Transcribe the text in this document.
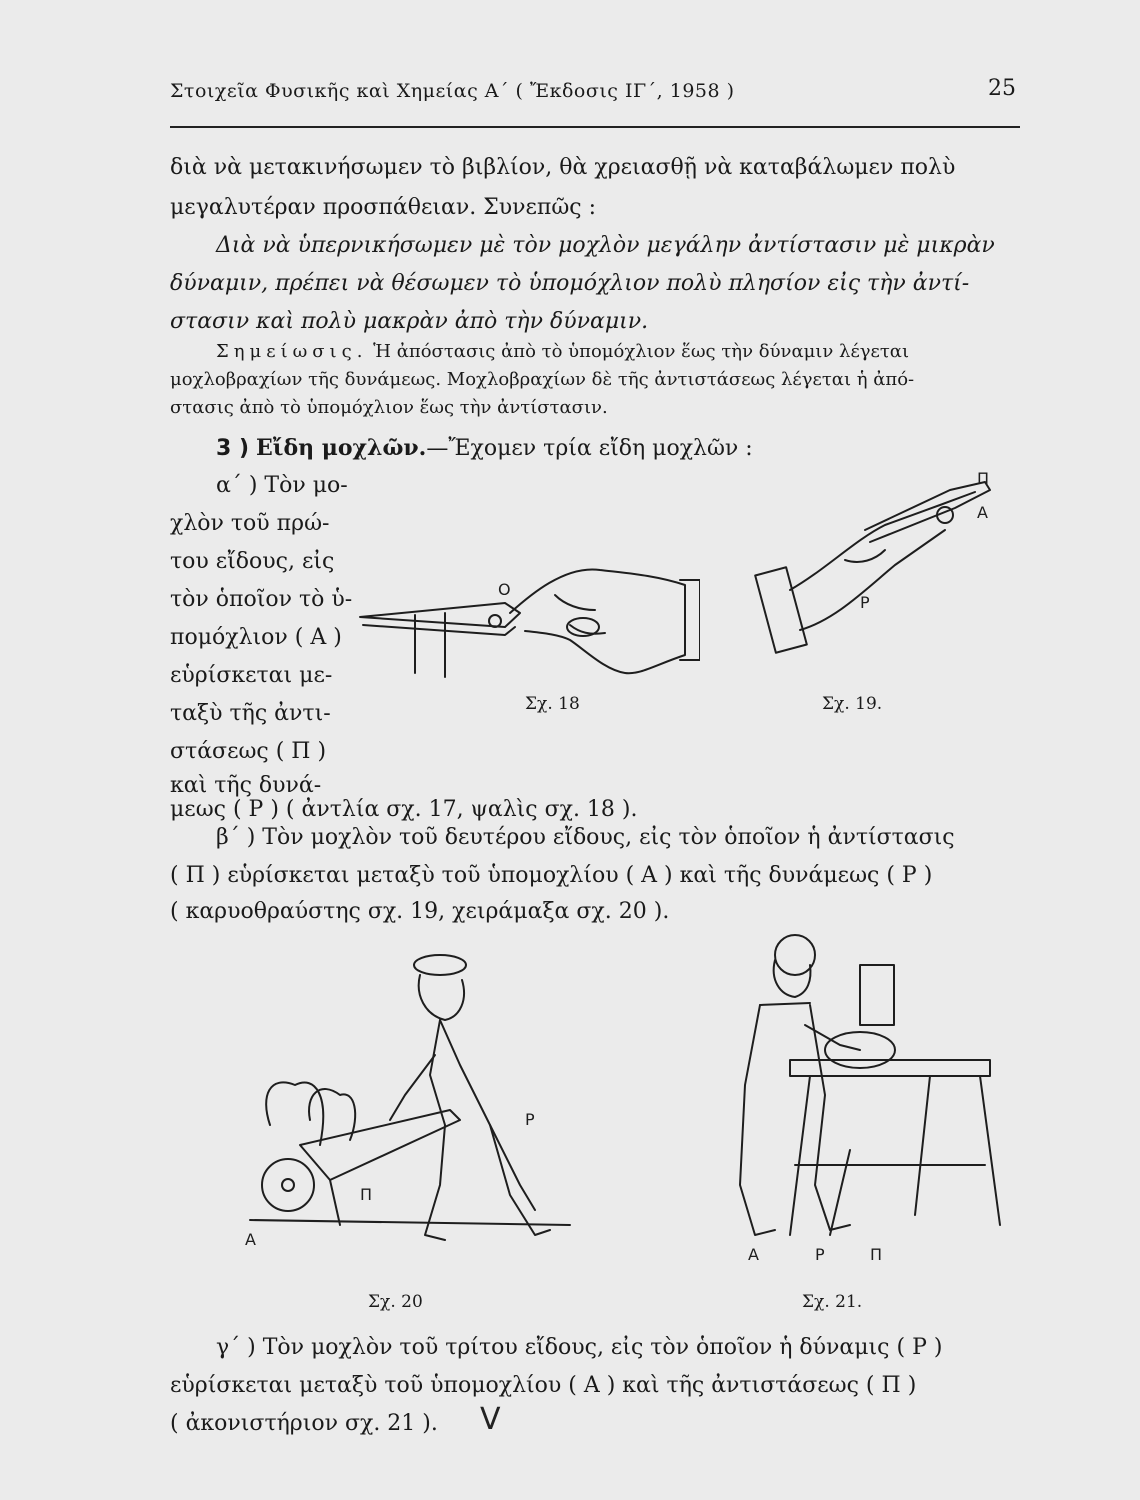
Στοιχεῖα Φυσικῆς καὶ Χημείας Α΄ ( Ἔκδοσις ΙΓ΄, 1958 )	25
διὰ νὰ μετακινήσωμεν τὸ βιβλίον, θὰ χρειασθῇ νὰ καταβάλωμεν πολὺ
μεγαλυτέραν προσπάθειαν. Συνεπῶς :
Διὰ νὰ ὑπερνικήσωμεν μὲ τὸν μοχλὸν μεγάλην ἀντίστασιν μὲ μικρὰν
δύναμιν, πρέπει νὰ θέσωμεν τὸ ὑπομόχλιον πολὺ πλησίον εἰς τὴν ἀντί-
στασιν καὶ πολὺ μακρὰν ἀπὸ τὴν δύναμιν.
Σημείωσις. Ἡ ἀπόστασις ἀπὸ τὸ ὑπομόχλιον ἕως τὴν δύναμιν λέγεται
μοχλοβραχίων τῆς δυνάμεως. Μοχλοβραχίων δὲ τῆς ἀντιστάσεως λέγεται ἡ ἀπό-
στασις ἀπὸ τὸ ὑπομόχλιον ἕως τὴν ἀντίστασιν.
3 ) Εἴδη μοχλῶν.—Ἔχομεν τρία εἴδη μοχλῶν :
α΄ ) Τὸν μο-
χλὸν τοῦ πρώ-
του εἴδους, εἰς
τὸν ὁποῖον τὸ ὑ-
πομόχλιον ( Α )
εὑρίσκεται με-
ταξὺ τῆς ἀντι-
στάσεως ( Π )
καὶ τῆς δυνά-
μεως ( Ρ ) ( ἀντλία σχ. 17, ψαλὶς σχ. 18 ).
Ο
Σχ. 18
Π
Α
Ρ
Σχ. 19.
β΄ ) Τὸν μοχλὸν τοῦ δευτέρου εἴδους, εἰς τὸν ὁποῖον ἡ ἀντίστασις
( Π ) εὑρίσκεται μεταξὺ τοῦ ὑπομοχλίου ( Α ) καὶ τῆς δυνάμεως ( Ρ )
( καρυοθραύστης σχ. 19, χειράμαξα σχ. 20 ).
Ρ
Π
Α
Σχ. 20
Α	Ρ	Π
Σχ. 21.
γ΄ ) Τὸν μοχλὸν τοῦ τρίτου εἴδους, εἰς τὸν ὁποῖον ἡ δύναμις ( Ρ )
εὑρίσκεται μεταξὺ τοῦ ὑπομοχλίου ( Α ) καὶ τῆς ἀντιστάσεως ( Π )
( ἀκονιστήριον σχ. 21 ). V
